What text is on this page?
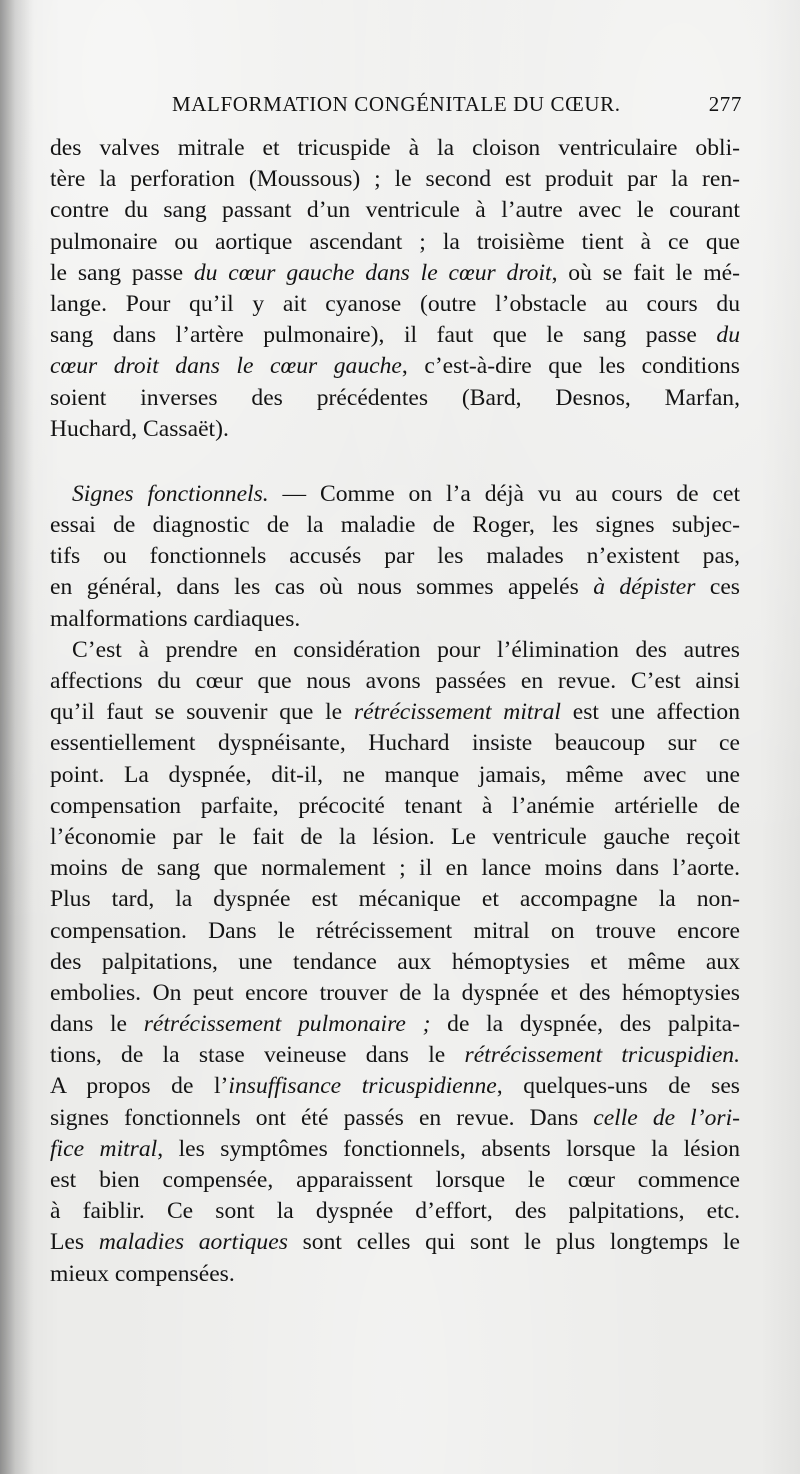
MALFORMATION CONGÉNITALE DU CŒUR.	277
des valves mitrale et tricuspide à la cloison ventriculaire obli-
tère la perforation (Moussous) ; le second est produit par la ren-
contre du sang passant d’un ventricule à l’autre avec le courant
pulmonaire ou aortique ascendant ; la troisième tient à ce que
le sang passe du cœur gauche dans le cœur droit, où se fait le mé-
lange. Pour qu’il y ait cyanose (outre l’obstacle au cours du
sang dans l’artère pulmonaire), il faut que le sang passe du
cœur droit dans le cœur gauche, c’est-à-dire que les conditions
soient inverses des précédentes (Bard, Desnos, Marfan,
Huchard, Cassaët).
Signes fonctionnels. — Comme on l’a déjà vu au cours de cet
essai de diagnostic de la maladie de Roger, les signes subjec-
tifs ou fonctionnels accusés par les malades n’existent pas,
en général, dans les cas où nous sommes appelés à dépister ces
malformations cardiaques.
C’est à prendre en considération pour l’élimination des autres
affections du cœur que nous avons passées en revue. C’est ainsi
qu’il faut se souvenir que le rétrécissement mitral est une affection
essentiellement dyspnéisante, Huchard insiste beaucoup sur ce
point. La dyspnée, dit-il, ne manque jamais, même avec une
compensation parfaite, précocité tenant à l’anémie artérielle de
l’économie par le fait de la lésion. Le ventricule gauche reçoit
moins de sang que normalement ; il en lance moins dans l’aorte.
Plus tard, la dyspnée est mécanique et accompagne la non-
compensation. Dans le rétrécissement mitral on trouve encore
des palpitations, une tendance aux hémoptysies et même aux
embolies. On peut encore trouver de la dyspnée et des hémoptysies
dans le rétrécissement pulmonaire ; de la dyspnée, des palpita-
tions, de la stase veineuse dans le rétrécissement tricuspidien.
A propos de l’insuffisance tricuspidienne, quelques-uns de ses
signes fonctionnels ont été passés en revue. Dans celle de l’ori-
fice mitral, les symptômes fonctionnels, absents lorsque la lésion
est bien compensée, apparaissent lorsque le cœur commence
à faiblir. Ce sont la dyspnée d’effort, des palpitations, etc.
Les maladies aortiques sont celles qui sont le plus longtemps le
mieux compensées.
